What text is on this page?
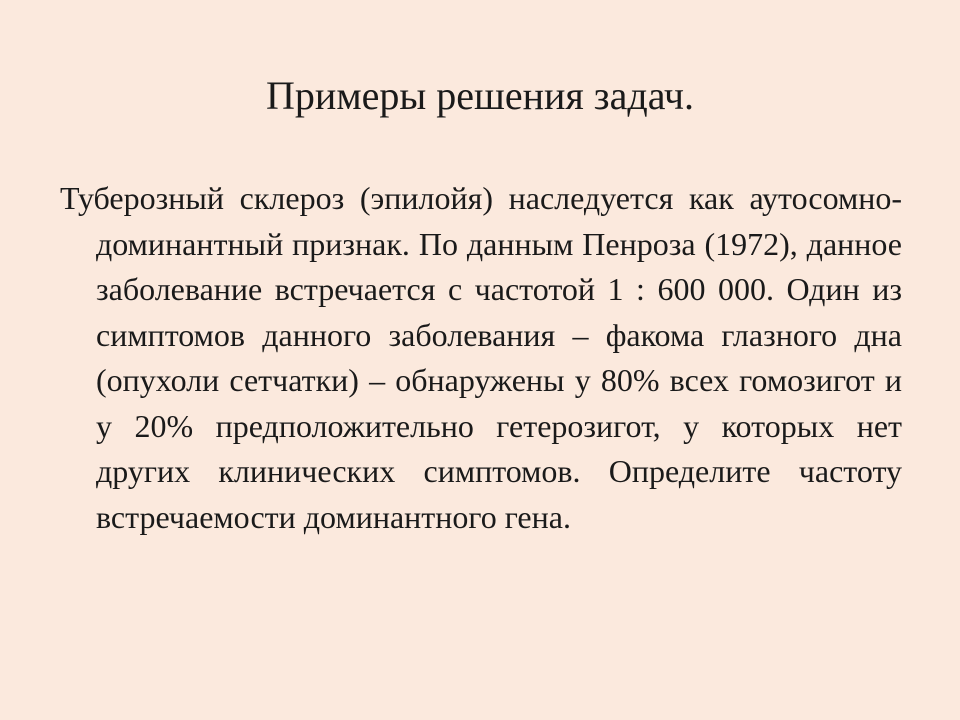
Примеры решения задач.

Туберозный склероз (эпилойя) наследуется как аутосомно-доминантный признак. По данным Пенроза (1972), данное заболевание встречается с частотой 1 : 600 000. Один из симптомов данного заболевания – факома глазного дна (опухоли сетчатки) – обнаружены у 80% всех гомозигот и у 20% предположительно гетерозигот, у которых нет других клинических симптомов. Определите частоту встречаемости доминантного гена.
